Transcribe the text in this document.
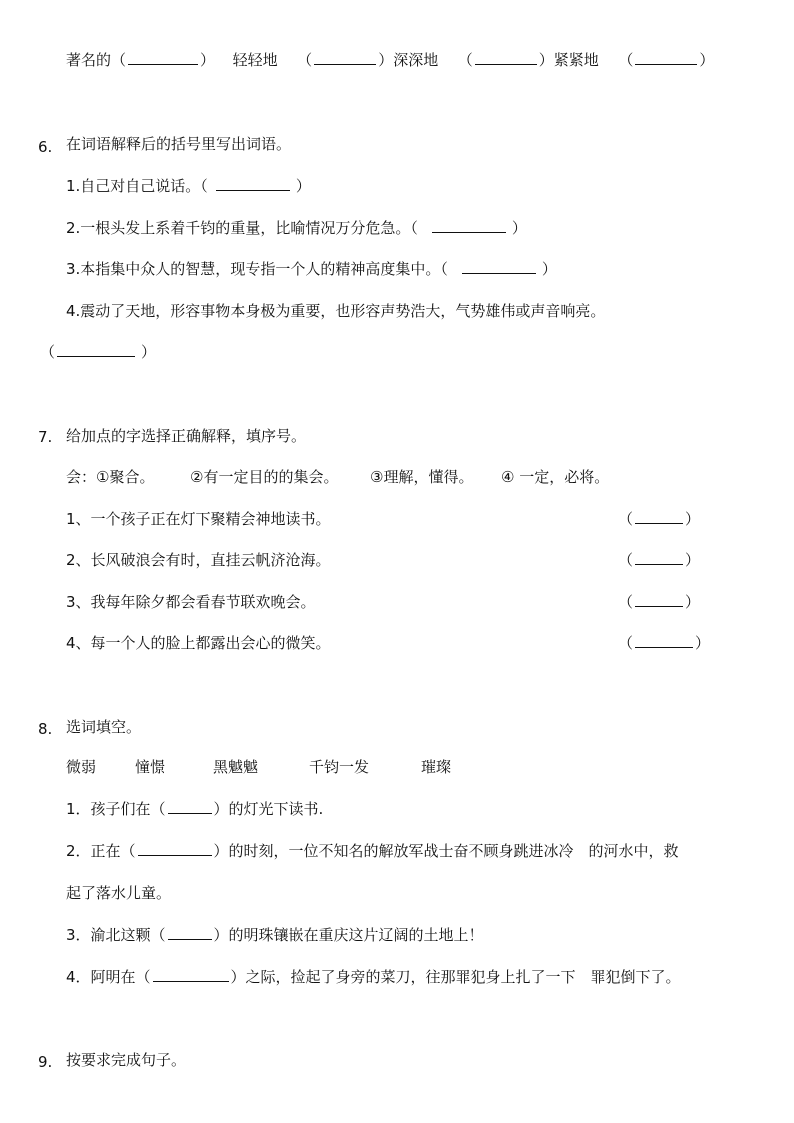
著名的（	） 轻轻地 （	）深深地 （	）紧紧地 （	）
6. 在词语解释后的括号里写出词语。
1.自己对自己说话。（	）
2.一根头发上系着千钧的重量，比喻情况万分危急。（	）
3.本指集中众人的智慧，现专指一个人的精神高度集中。（	）
4.震动了天地，形容事物本身极为重要，也形容声势浩大，气势雄伟或声音响亮。
（	）
7. 给加点的字选择正确解释，填序号。
会：①聚合。 ②有一定目的的集会。 ③理解，懂得。 ④ 一定，必将。
1、一个孩子正在灯下聚精会神地读书。	（	）
2、长风破浪会有时，直挂云帆济沧海。	（	）
3、我每年除夕都会看春节联欢晚会。	（	）
4、每一个人的脸上都露出会心的微笑。	（	）
8. 选词填空。
微弱	憧憬	黑魆魆	千钧一发	璀璨
1．孩子们在（	）的灯光下读书.
2．正在（	）的时刻，一位不知名的解放军战士奋不顾身跳进冰冷　的河水中，救
起了落水儿童。
3．渝北这颗（	）的明珠镶嵌在重庆这片辽阔的土地上！
4．阿明在（	）之际，捡起了身旁的菜刀，往那罪犯身上扎了一下　罪犯倒下了。
9. 按要求完成句子。
